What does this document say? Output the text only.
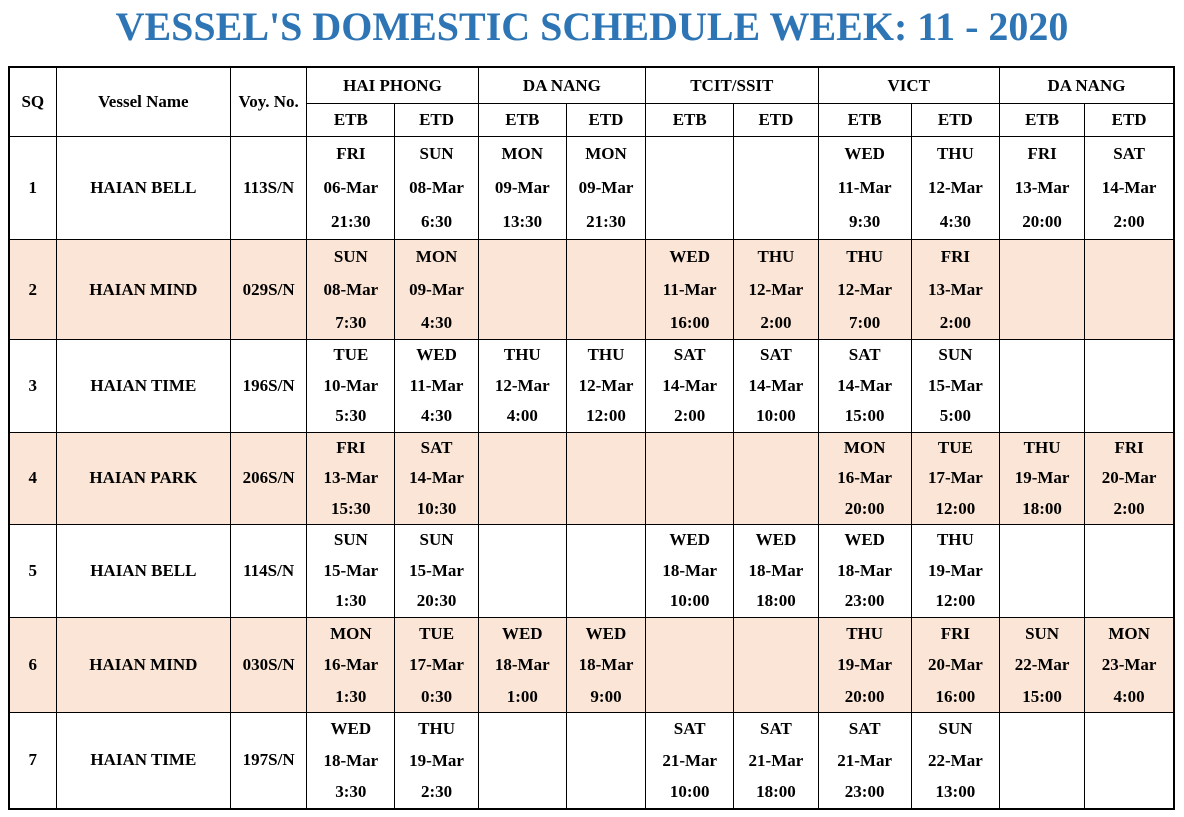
VESSEL'S DOMESTIC SCHEDULE WEEK: 11 - 2020
SQ	Vessel Name	Voy. No.	HAI PHONG		DA NANG		TCIT/SSIT		VICT		DA NANG	
			ETB	ETD	ETB	ETD	ETB	ETD	ETB	ETD	ETB	ETD
1	HAIAN BELL	113S/N	FRI
06-Mar
21:30	SUN
08-Mar
6:30	MON
09-Mar
13:30	MON
09-Mar
21:30			WED
11-Mar
9:30	THU
12-Mar
4:30	FRI
13-Mar
20:00	SAT
14-Mar
2:00

2	HAIAN MIND	029S/N	SUN
08-Mar
7:30	MON
09-Mar
4:30			WED
11-Mar
16:00	THU
12-Mar
2:00	THU
12-Mar
7:00	FRI
13-Mar
2:00		

3	HAIAN TIME	196S/N	TUE
10-Mar
5:30	WED
11-Mar
4:30	THU
12-Mar
4:00	THU
12-Mar
12:00	SAT
14-Mar
2:00	SAT
14-Mar
10:00	SAT
14-Mar
15:00	SUN
15-Mar
5:00		

4	HAIAN PARK	206S/N	FRI
13-Mar
15:30	SAT
14-Mar
10:30					MON
16-Mar
20:00	TUE
17-Mar
12:00	THU
19-Mar
18:00	FRI
20-Mar
2:00

5	HAIAN BELL	114S/N	SUN
15-Mar
1:30	SUN
15-Mar
20:30			WED
18-Mar
10:00	WED
18-Mar
18:00	WED
18-Mar
23:00	THU
19-Mar
12:00		

6	HAIAN MIND	030S/N	MON
16-Mar
1:30	TUE
17-Mar
0:30	WED
18-Mar
1:00	WED
18-Mar
9:00			THU
19-Mar
20:00	FRI
20-Mar
16:00	SUN
22-Mar
15:00	MON
23-Mar
4:00

7	HAIAN TIME	197S/N	WED
18-Mar
3:30	THU
19-Mar
2:30			SAT
21-Mar
10:00	SAT
21-Mar
18:00	SAT
21-Mar
23:00	SUN
22-Mar
13:00		
